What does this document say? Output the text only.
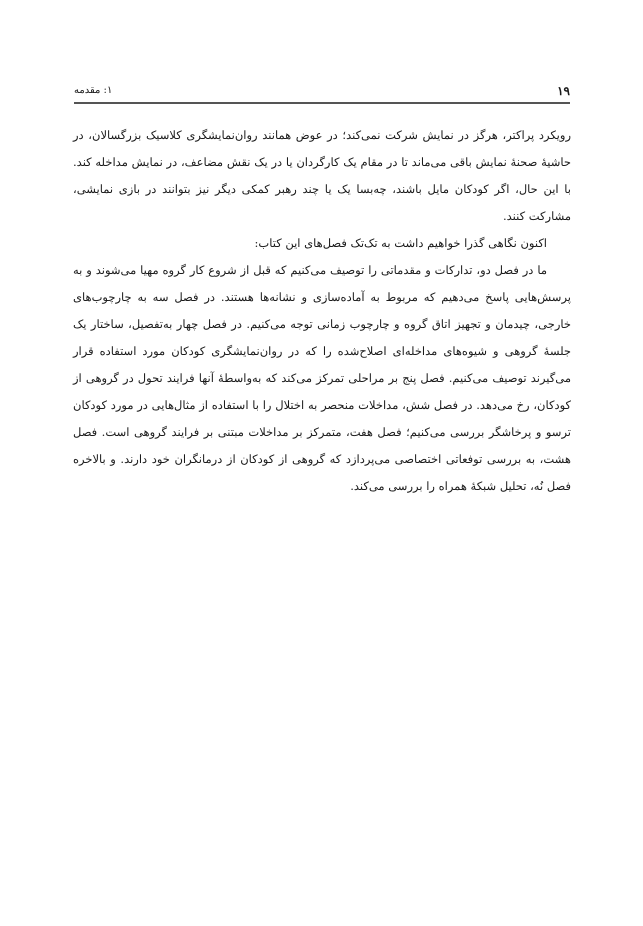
۱۹
۱: مقدمه

رویکرد پراکتر، هرگز در نمایش شرکت نمی‌کند؛ در عوض همانند روان‌نمایشگری کلاسیک بزرگسالان، در حاشیهٔ صحنهٔ نمایش باقی می‌ماند تا در مقام یک کارگردان یا در یک نقش مضاعف، در نمایش مداخله کند. با این حال، اگر کودکان مایل باشند، چه‌بسا یک یا چند رهبر کمکی دیگر نیز بتوانند در بازی نمایشی، مشارکت کنند.

اکنون نگاهی گذرا خواهیم داشت به تک‌تک فصل‌های این کتاب:

ما در فصل دو، تدارکات و مقدماتی را توصیف می‌کنیم که قبل از شروع کار گروه مهیا می‌شوند و به پرسش‌هایی پاسخ می‌دهیم که مربوط به آماده‌سازی و نشانه‌ها هستند. در فصل سه به چارچوب‌های خارجی، چیدمان و تجهیز اتاق گروه و چارچوب زمانی توجه می‌کنیم. در فصل چهار به‌تفصیل، ساختار یک جلسهٔ گروهی و شیوه‌های مداخله‌ای اصلاح‌شده را که در روان‌نمایشگری کودکان مورد استفاده قرار می‌گیرند توصیف می‌کنیم. فصل پنج بر مراحلی تمرکز می‌کند که به‌واسطهٔ آنها فرایند تحول در گروهی از کودکان، رخ می‌دهد. در فصل شش، مداخلات منحصر به اختلال را با استفاده از مثال‌هایی در مورد کودکان ترسو و پرخاشگر بررسی می‌کنیم؛ فصل هفت، متمرکز بر مداخلات مبتنی بر فرایند گروهی است. فصل هشت، به بررسی توفعاتی اختصاصی می‌پردازد که گروهی از کودکان از درمانگران خود دارند. و بالاخره فصل نُه، تحلیل شبکهٔ همراه را بررسی می‌کند.
